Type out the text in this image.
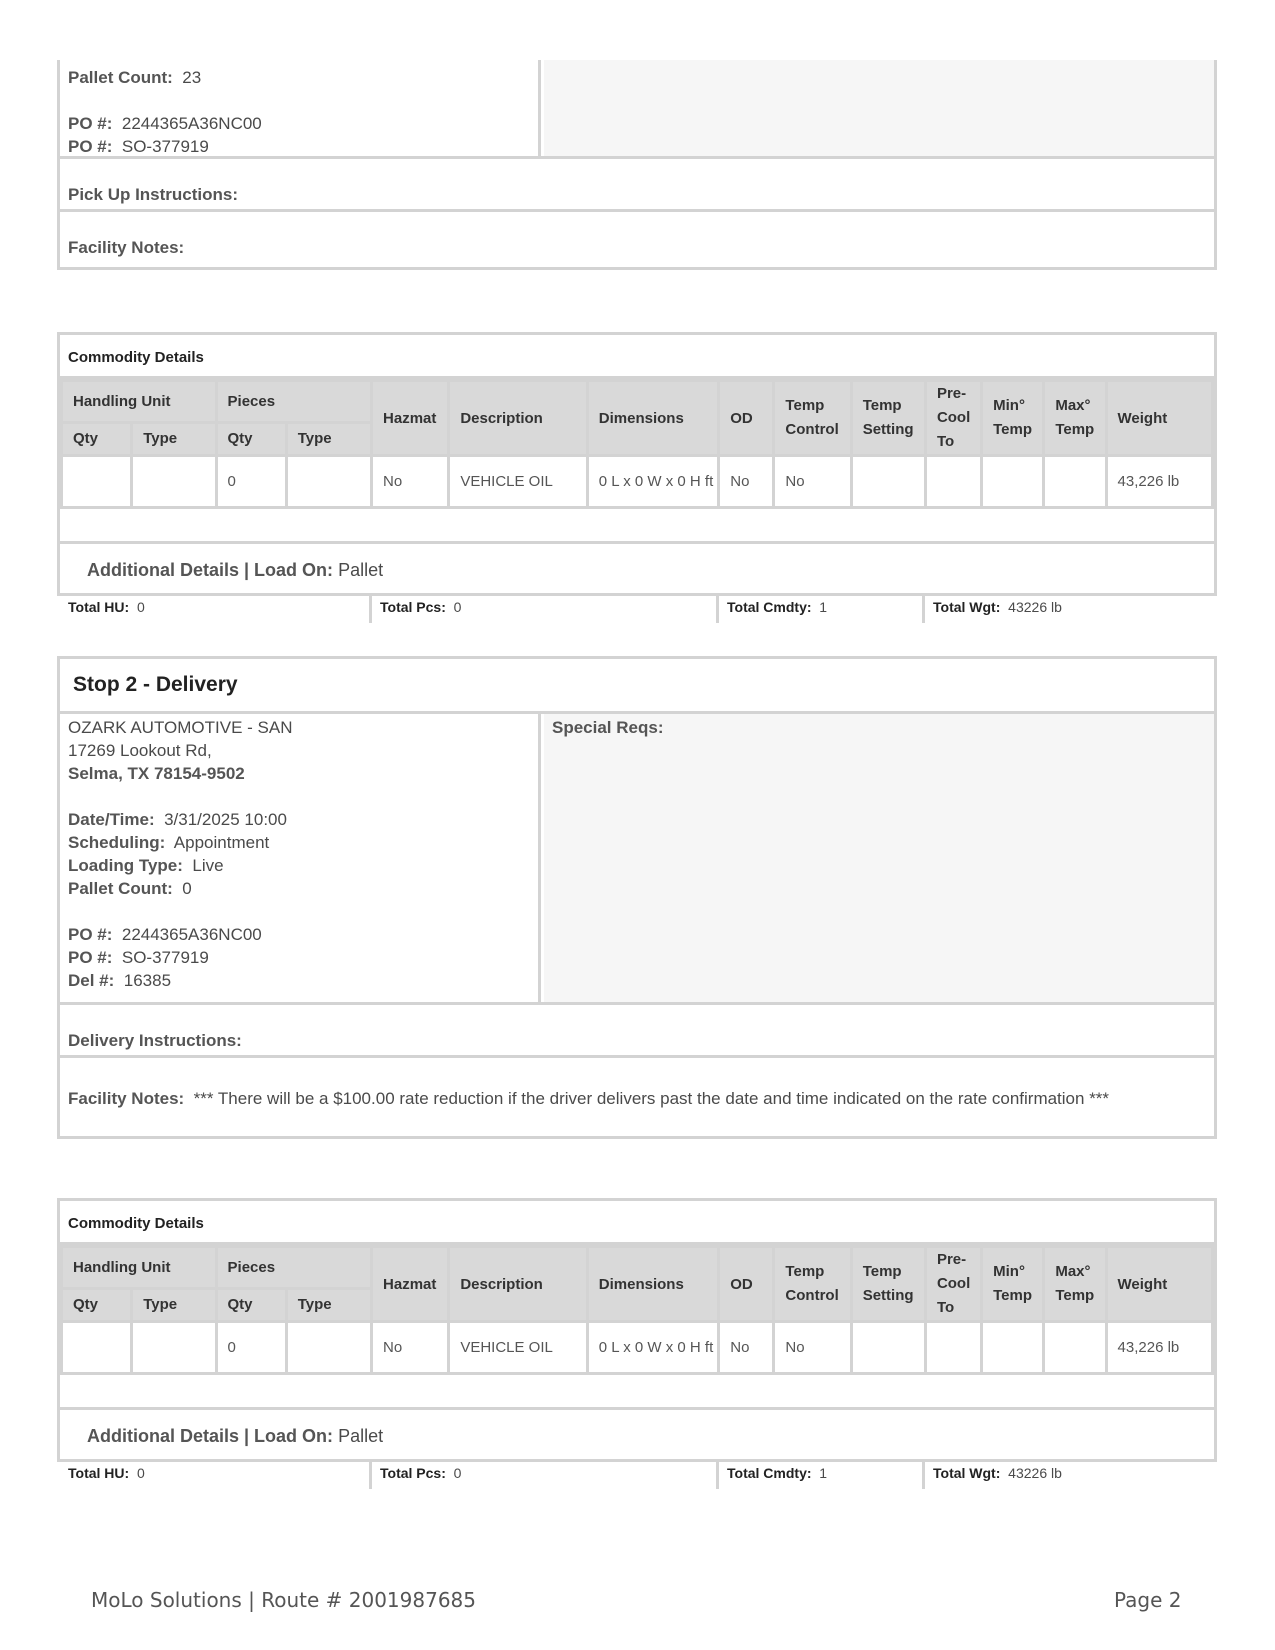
Pallet Count: 23
PO #: 2244365A36NC00
PO #: SO-377919
Pick Up Instructions:
Facility Notes:
Commodity Details
Handling Unit		Pieces		Hazmat	Description	Dimensions	OD	Temp Control	Temp Setting	Pre-Cool To	Min° Temp	Max° Temp	Weight
Qty	Type	Qty	Type										
		0		No	VEHICLE OIL	0 L x 0 W x 0 H ft	No	No					43,226 lb
Additional Details | Load On: Pallet
Total HU: 0	Total Pcs: 0	Total Cmdty: 1	Total Wgt: 43226 lb
Stop 2 - Delivery
OZARK AUTOMOTIVE - SAN
17269 Lookout Rd,
Selma, TX 78154-9502
Date/Time: 3/31/2025 10:00
Scheduling: Appointment
Loading Type: Live
Pallet Count: 0
PO #: 2244365A36NC00
PO #: SO-377919
Del #: 16385
Special Reqs:
Delivery Instructions:
Facility Notes: *** There will be a $100.00 rate reduction if the driver delivers past the date and time indicated on the rate confirmation ***
Commodity Details
Handling Unit		Pieces		Hazmat	Description	Dimensions	OD	Temp Control	Temp Setting	Pre-Cool To	Min° Temp	Max° Temp	Weight
Qty	Type	Qty	Type										
		0		No	VEHICLE OIL	0 L x 0 W x 0 H ft	No	No					43,226 lb
Additional Details | Load On: Pallet
Total HU: 0	Total Pcs: 0	Total Cmdty: 1	Total Wgt: 43226 lb
MoLo Solutions | Route # 2001987685	Page 2
